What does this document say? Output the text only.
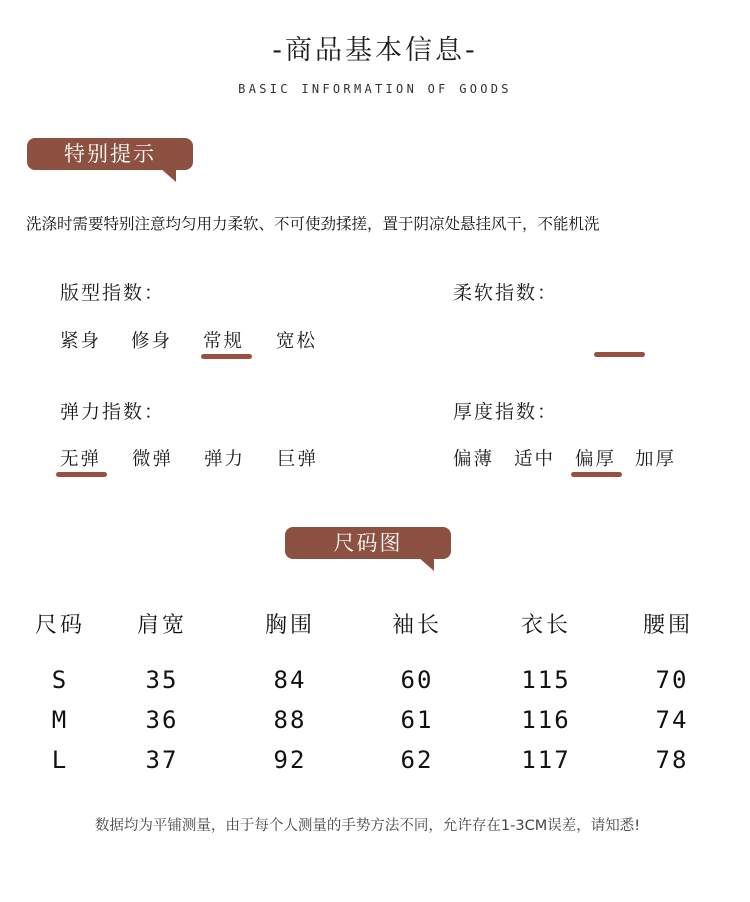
-商品基本信息-
BASIC INFORMATION OF GOODS
特别提示
洗涤时需要特别注意均匀用力柔软、不可使劲揉搓，置于阴凉处悬挂风干，不能机洗
版型指数：
紧身 修身 常规 宽松
柔软指数：
弹力指数：
无弹 微弹 弹力 巨弹
厚度指数：
偏薄 适中 偏厚 加厚
尺码图
尺码	肩宽	胸围	袖长	衣长	腰围
S	35	84	60	115	70
M	36	88	61	116	74
L	37	92	62	117	78
数据均为平铺测量，由于每个人测量的手势方法不同，允许存在1-3CM误差，请知悉!
